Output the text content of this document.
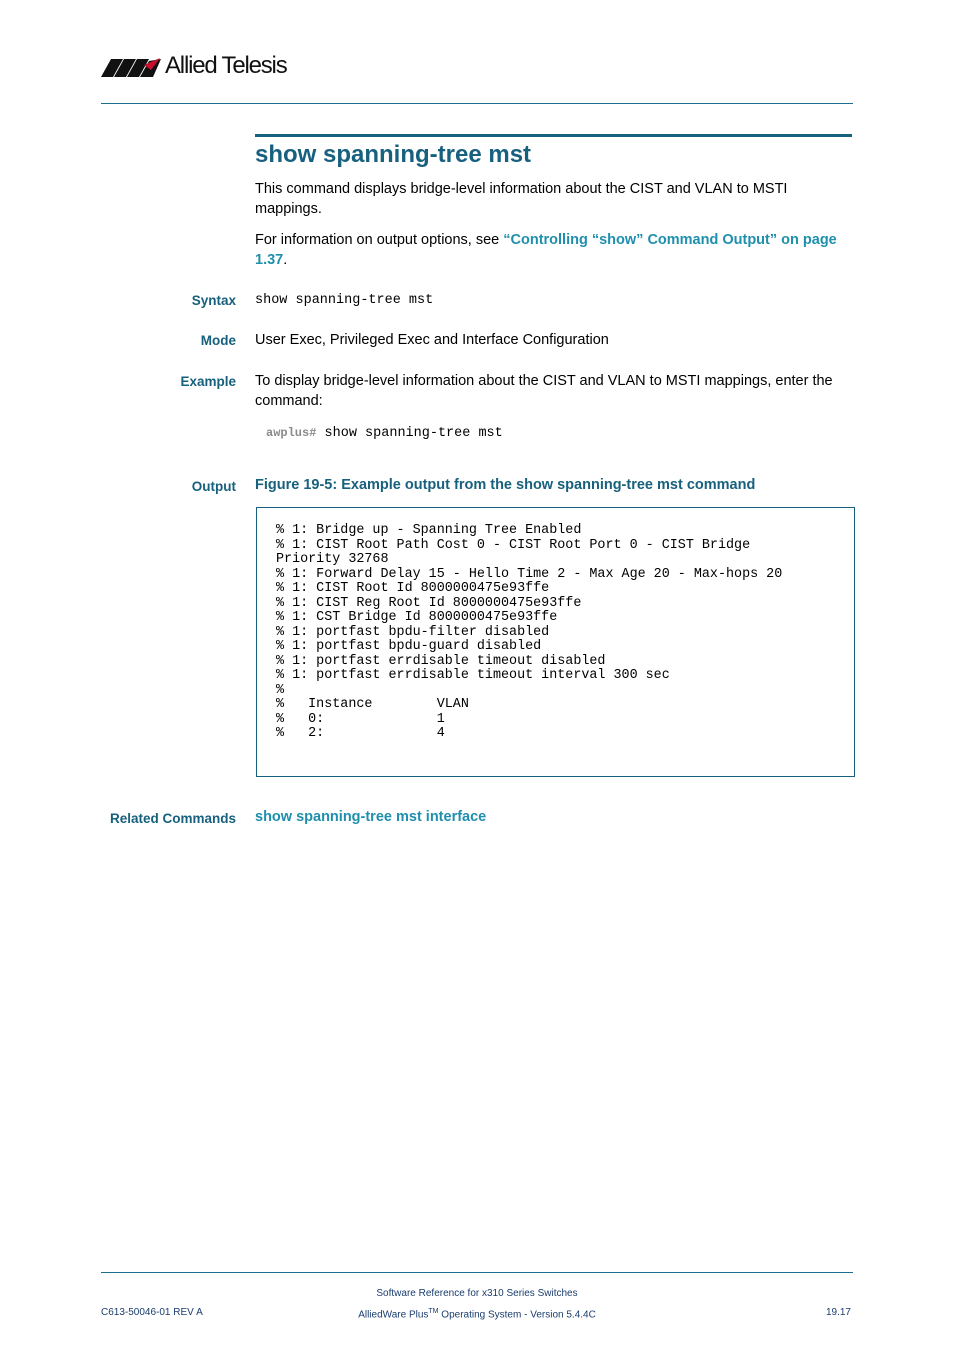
Allied Telesis
show spanning-tree mst
This command displays bridge-level information about the CIST and VLAN to MSTI mappings.
For information on output options, see “Controlling “show” Command Output” on page 1.37.
Syntax show spanning-tree mst
Mode User Exec, Privileged Exec and Interface Configuration
Example To display bridge-level information about the CIST and VLAN to MSTI mappings, enter the command:
awplus# show spanning-tree mst
Output Figure 19-5: Example output from the show spanning-tree mst command
% 1: Bridge up - Spanning Tree Enabled
% 1: CIST Root Path Cost 0 - CIST Root Port 0 - CIST Bridge
Priority 32768
% 1: Forward Delay 15 - Hello Time 2 - Max Age 20 - Max-hops 20
% 1: CIST Root Id 8000000475e93ffe
% 1: CIST Reg Root Id 8000000475e93ffe
% 1: CST Bridge Id 8000000475e93ffe
% 1: portfast bpdu-filter disabled
% 1: portfast bpdu-guard disabled
% 1: portfast errdisable timeout disabled
% 1: portfast errdisable timeout interval 300 sec
%
%   Instance        VLAN
%   0:              1
%   2:              4
Related Commands show spanning-tree mst interface
Software Reference for x310 Series Switches
AlliedWare Plus™ Operating System - Version 5.4.4C
C613-50046-01 REV A	19.17
